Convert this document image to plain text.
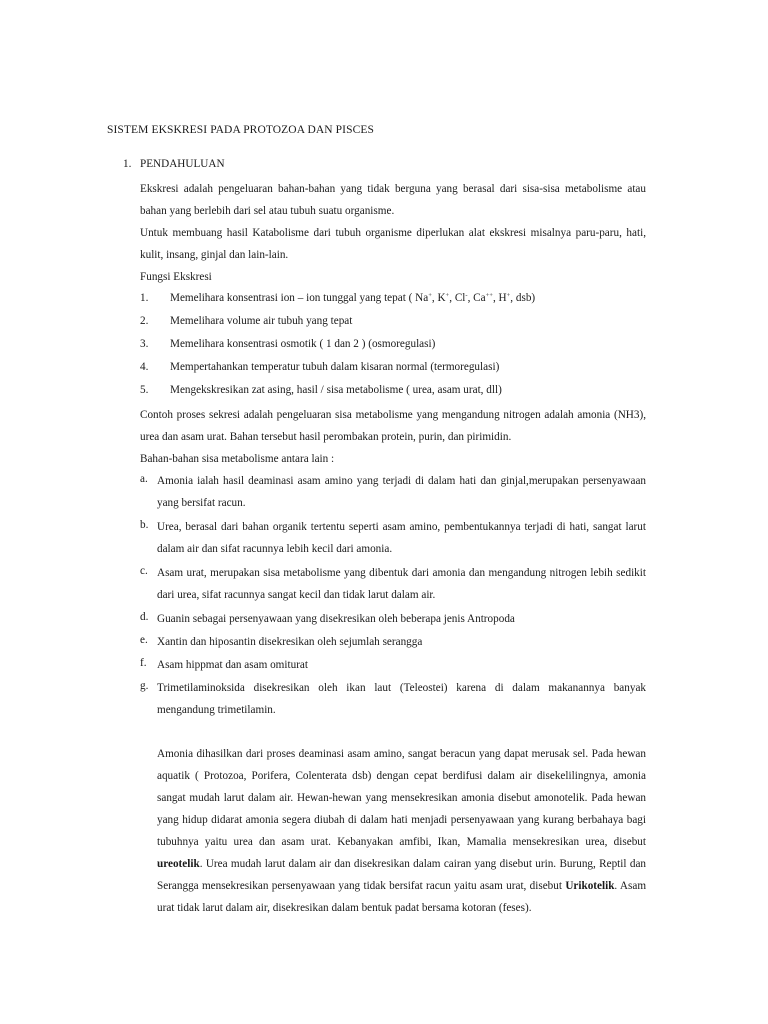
SISTEM EKSKRESI PADA PROTOZOA DAN PISCES
1. PENDAHULUAN
Ekskresi adalah pengeluaran bahan-bahan yang tidak berguna yang berasal dari sisa-sisa metabolisme atau bahan yang berlebih dari sel atau tubuh suatu organisme.
Untuk membuang hasil Katabolisme dari tubuh organisme diperlukan alat ekskresi misalnya paru-paru, hati, kulit, insang, ginjal dan lain-lain.
Fungsi Ekskresi
1. Memelihara konsentrasi ion – ion tunggal yang tepat ( Na+, K+, Cl-, Ca++, H+, dsb)
2. Memelihara volume air tubuh yang tepat
3. Memelihara konsentrasi osmotik ( 1 dan 2 ) (osmoregulasi)
4. Mempertahankan temperatur tubuh dalam kisaran normal (termoregulasi)
5. Mengekskresikan zat asing, hasil / sisa metabolisme ( urea, asam urat, dll)
Contoh proses sekresi adalah pengeluaran sisa metabolisme yang mengandung nitrogen adalah amonia (NH3), urea dan asam urat. Bahan tersebut hasil perombakan protein, purin, dan pirimidin.
Bahan-bahan sisa metabolisme antara lain :
a. Amonia ialah hasil deaminasi asam amino yang terjadi di dalam hati dan ginjal,merupakan persenyawaan yang bersifat racun.
b. Urea, berasal dari bahan organik tertentu seperti asam amino, pembentukannya terjadi di hati, sangat larut dalam air dan sifat racunnya lebih kecil dari amonia.
c. Asam urat, merupakan sisa metabolisme yang dibentuk dari amonia dan mengandung nitrogen lebih sedikit dari urea, sifat racunnya sangat kecil dan tidak larut dalam air.
d. Guanin sebagai persenyawaan yang disekresikan oleh beberapa jenis Antropoda
e. Xantin dan hiposantin disekresikan oleh sejumlah serangga
f. Asam hippmat dan asam omiturat
g. Trimetilaminoksida disekresikan oleh ikan laut (Teleostei) karena di dalam makanannya banyak mengandung trimetilamin.
Amonia dihasilkan dari proses deaminasi asam amino, sangat beracun yang dapat merusak sel. Pada hewan aquatik ( Protozoa, Porifera, Colenterata dsb) dengan cepat berdifusi dalam air disekelilingnya, amonia sangat mudah larut dalam air. Hewan-hewan yang mensekresikan amonia disebut amonotelik. Pada hewan yang hidup didarat amonia segera diubah di dalam hati menjadi persenyawaan yang kurang berbahaya bagi tubuhnya yaitu urea dan asam urat. Kebanyakan amfibi, Ikan, Mamalia mensekresikan urea, disebut ureotelik. Urea mudah larut dalam air dan disekresikan dalam cairan yang disebut urin. Burung, Reptil dan Serangga mensekresikan persenyawaan yang tidak bersifat racun yaitu asam urat, disebut Urikotelik. Asam urat tidak larut dalam air, disekresikan dalam bentuk padat bersama kotoran (feses).
